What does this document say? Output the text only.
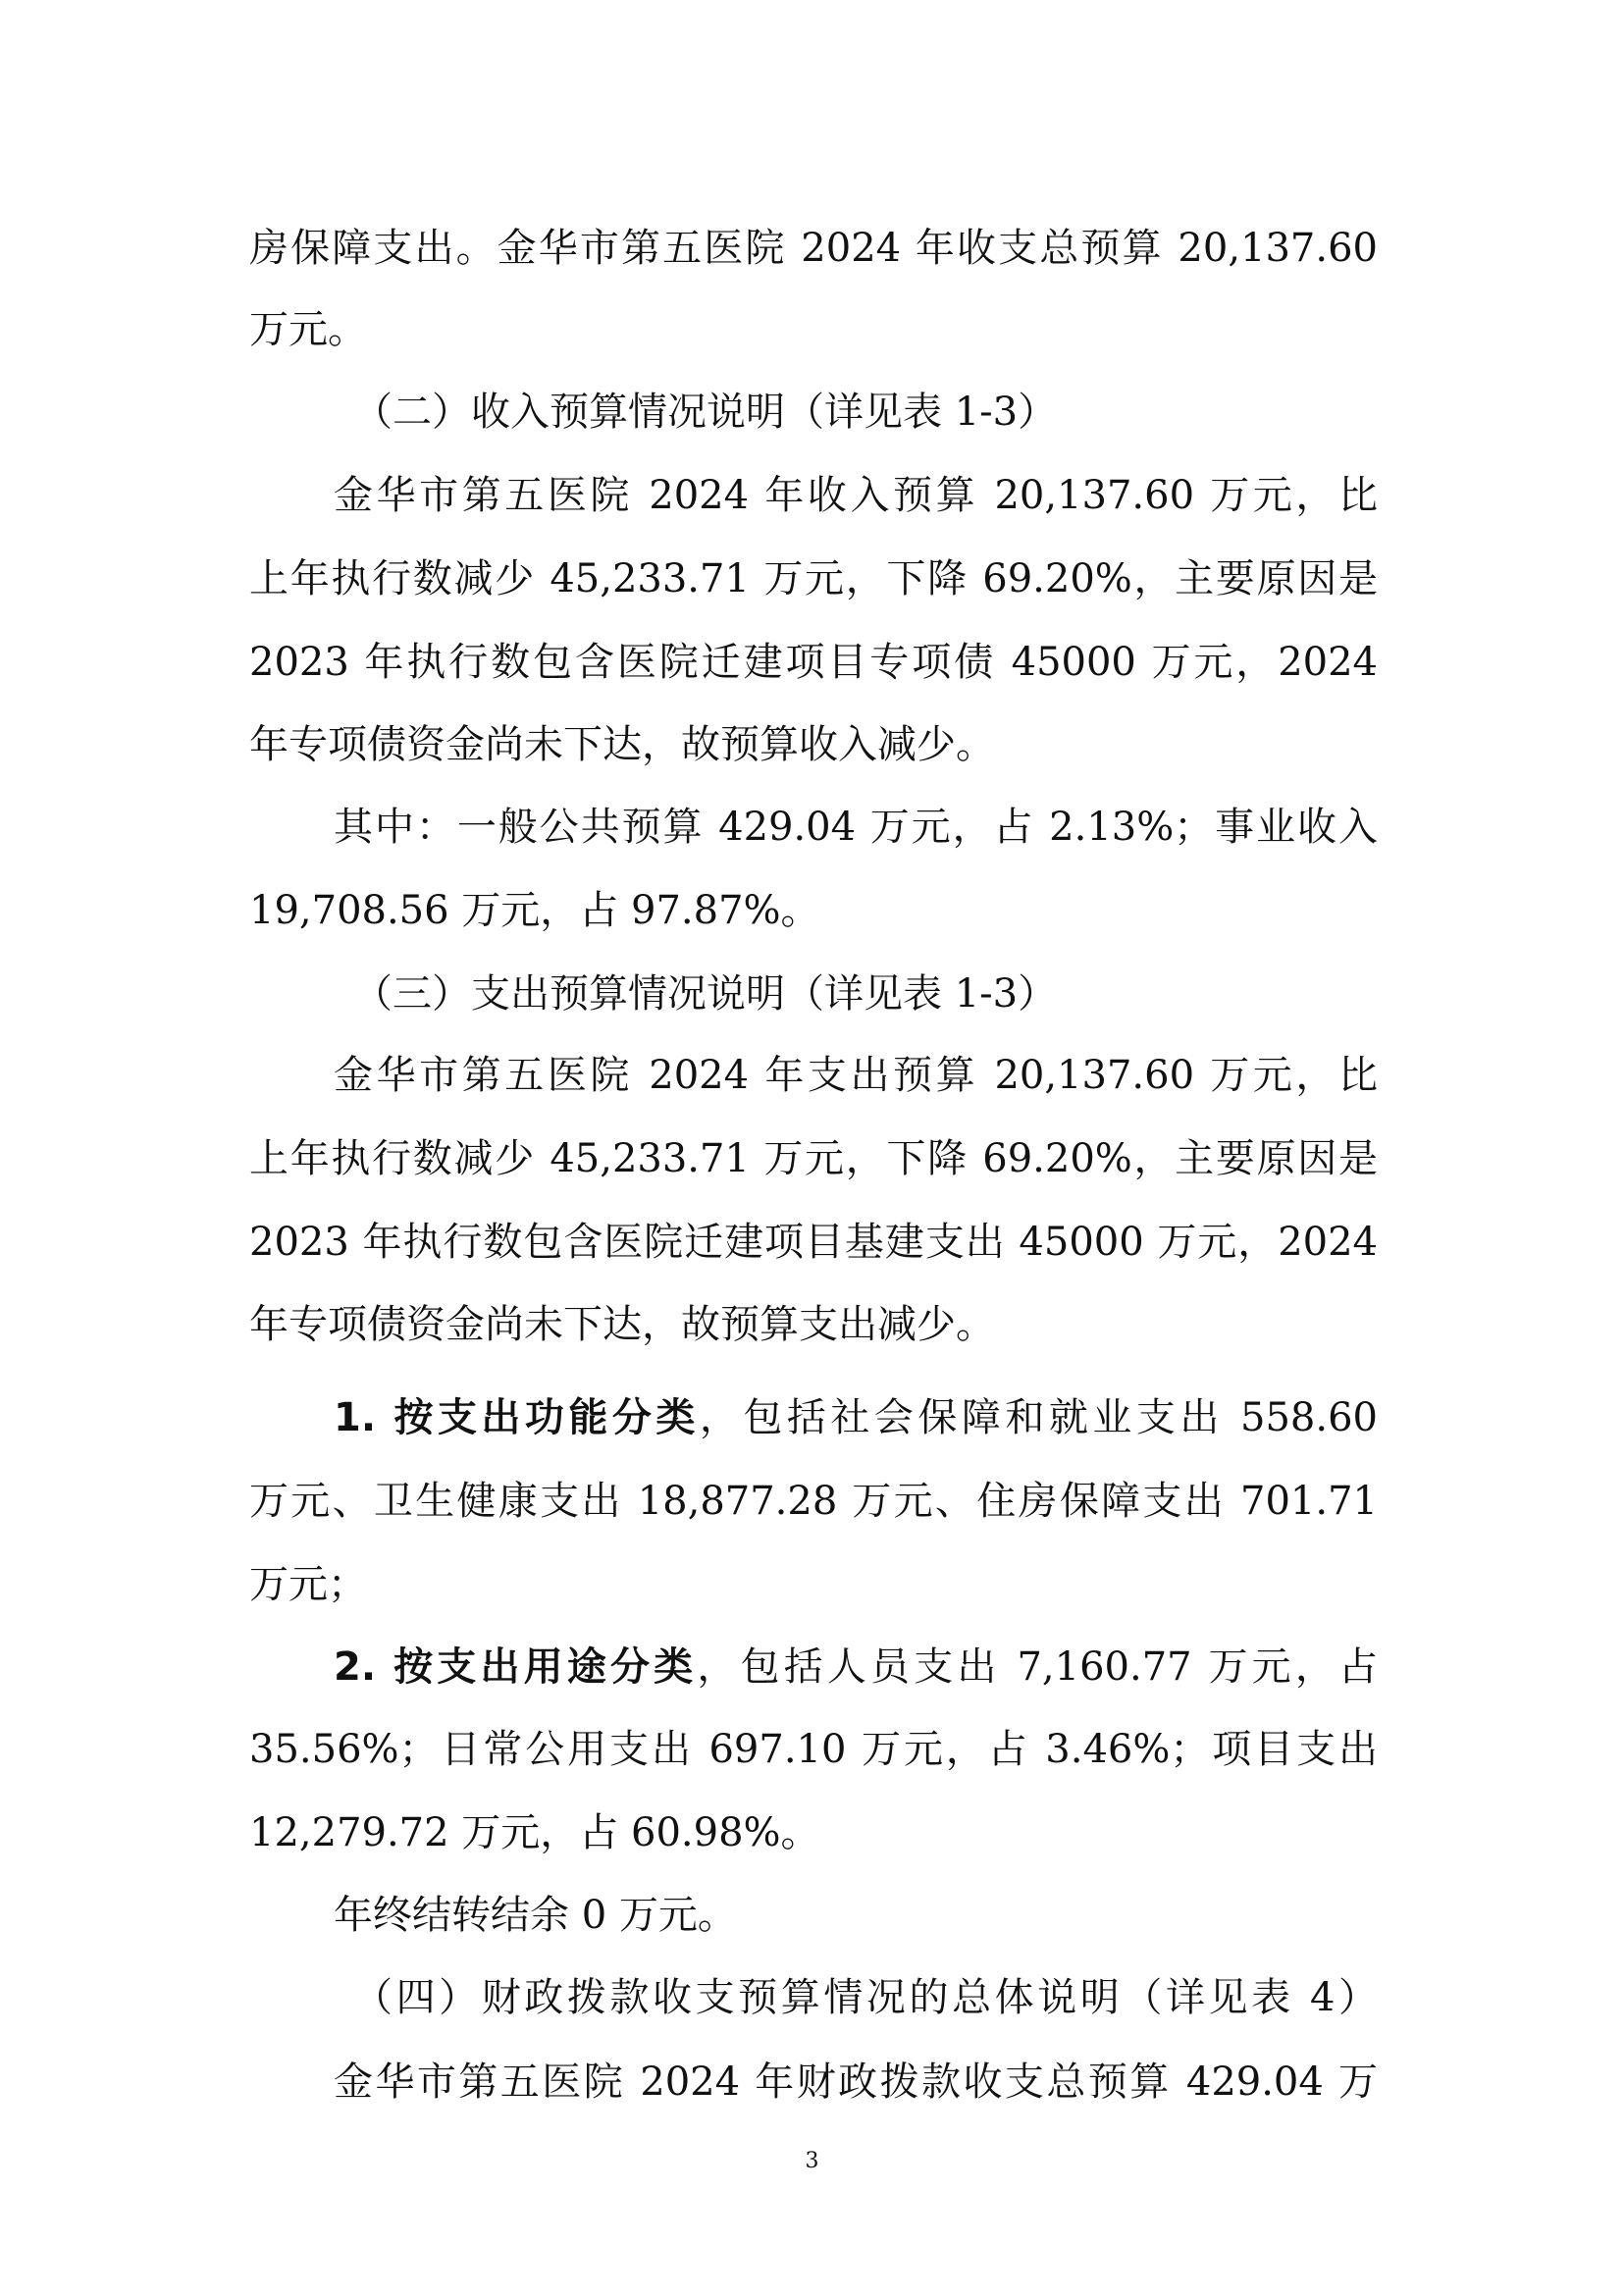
房保障支出。金华市第五医院 2024 年收支总预算 20,137.60
万元。
（二）收入预算情况说明（详见表 1-3）
金华市第五医院 2024 年收入预算 20,137.60 万元，比
上年执行数减少 45,233.71 万元，下降 69.20%，主要原因是
2023 年执行数包含医院迁建项目专项债 45000 万元，2024
年专项债资金尚未下达，故预算收入减少。
其中：一般公共预算 429.04 万元，占 2.13%；事业收入
19,708.56 万元，占 97.87%。
（三）支出预算情况说明（详见表 1-3）
金华市第五医院 2024 年支出预算 20,137.60 万元，比
上年执行数减少 45,233.71 万元，下降 69.20%，主要原因是
2023 年执行数包含医院迁建项目基建支出 45000 万元，2024
年专项债资金尚未下达，故预算支出减少。
1. 按支出功能分类，包括社会保障和就业支出 558.60
万元、卫生健康支出 18,877.28 万元、住房保障支出 701.71
万元；
2. 按支出用途分类，包括人员支出 7,160.77 万元，占
35.56%；日常公用支出 697.10 万元，占 3.46%；项目支出
12,279.72 万元，占 60.98%。
年终结转结余 0 万元。
（四）财政拨款收支预算情况的总体说明（详见表 4）
金华市第五医院 2024 年财政拨款收支总预算 429.04 万
3
